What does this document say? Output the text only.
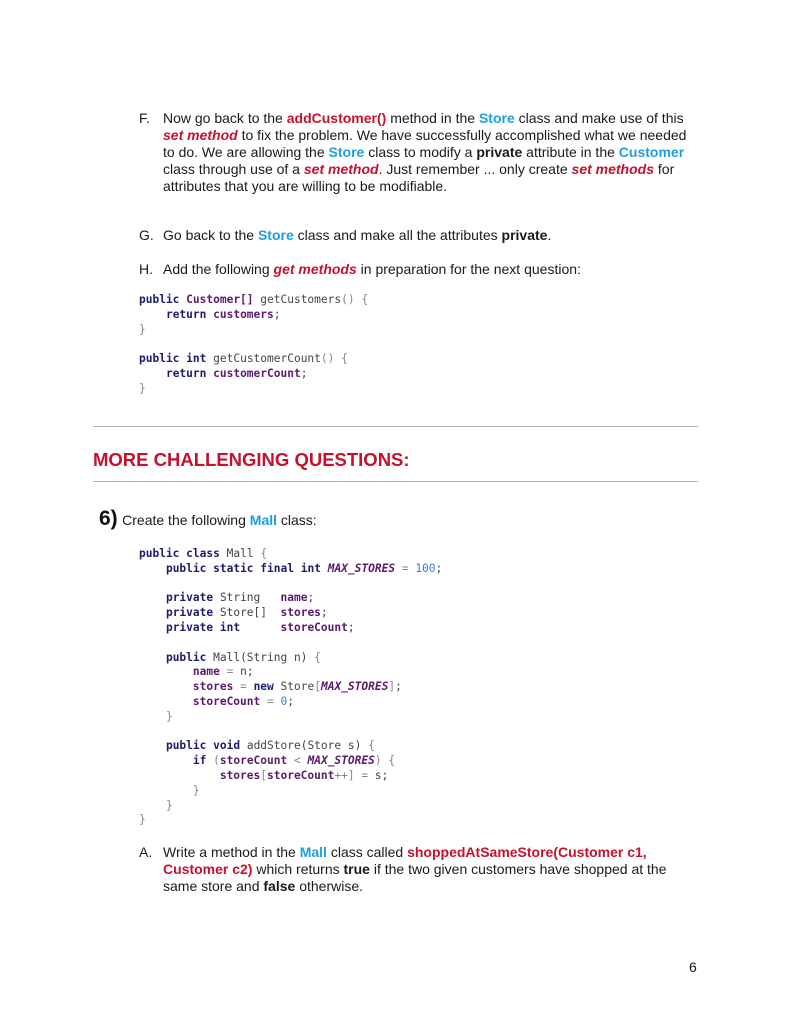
F. Now go back to the addCustomer() method in the Store class and make use of this
set method to fix the problem. We have successfully accomplished what we needed
to do. We are allowing the Store class to modify a private attribute in the Customer
class through use of a set method. Just remember ... only create set methods for
attributes that you are willing to be modifiable.
G. Go back to the Store class and make all the attributes private.
H. Add the following get methods in preparation for the next question:
public Customer[] getCustomers() {
return customers;
}

public int getCustomerCount() {
return customerCount;
}
MORE CHALLENGING QUESTIONS:
6) Create the following Mall class:
public class Mall {
public static final int MAX_STORES = 100;

private String name;
private Store[] stores;
private int	storeCount;

public Mall(String n) {
name = n;
stores = new Store[MAX_STORES];
storeCount = 0;
}

public void addStore(Store s) {
if (storeCount < MAX_STORES) {
stores[storeCount++] = s;
}
}
}
A. Write a method in the Mall class called shoppedAtSameStore(Customer c1,
Customer c2) which returns true if the two given customers have shopped at the
same store and false otherwise.
6
